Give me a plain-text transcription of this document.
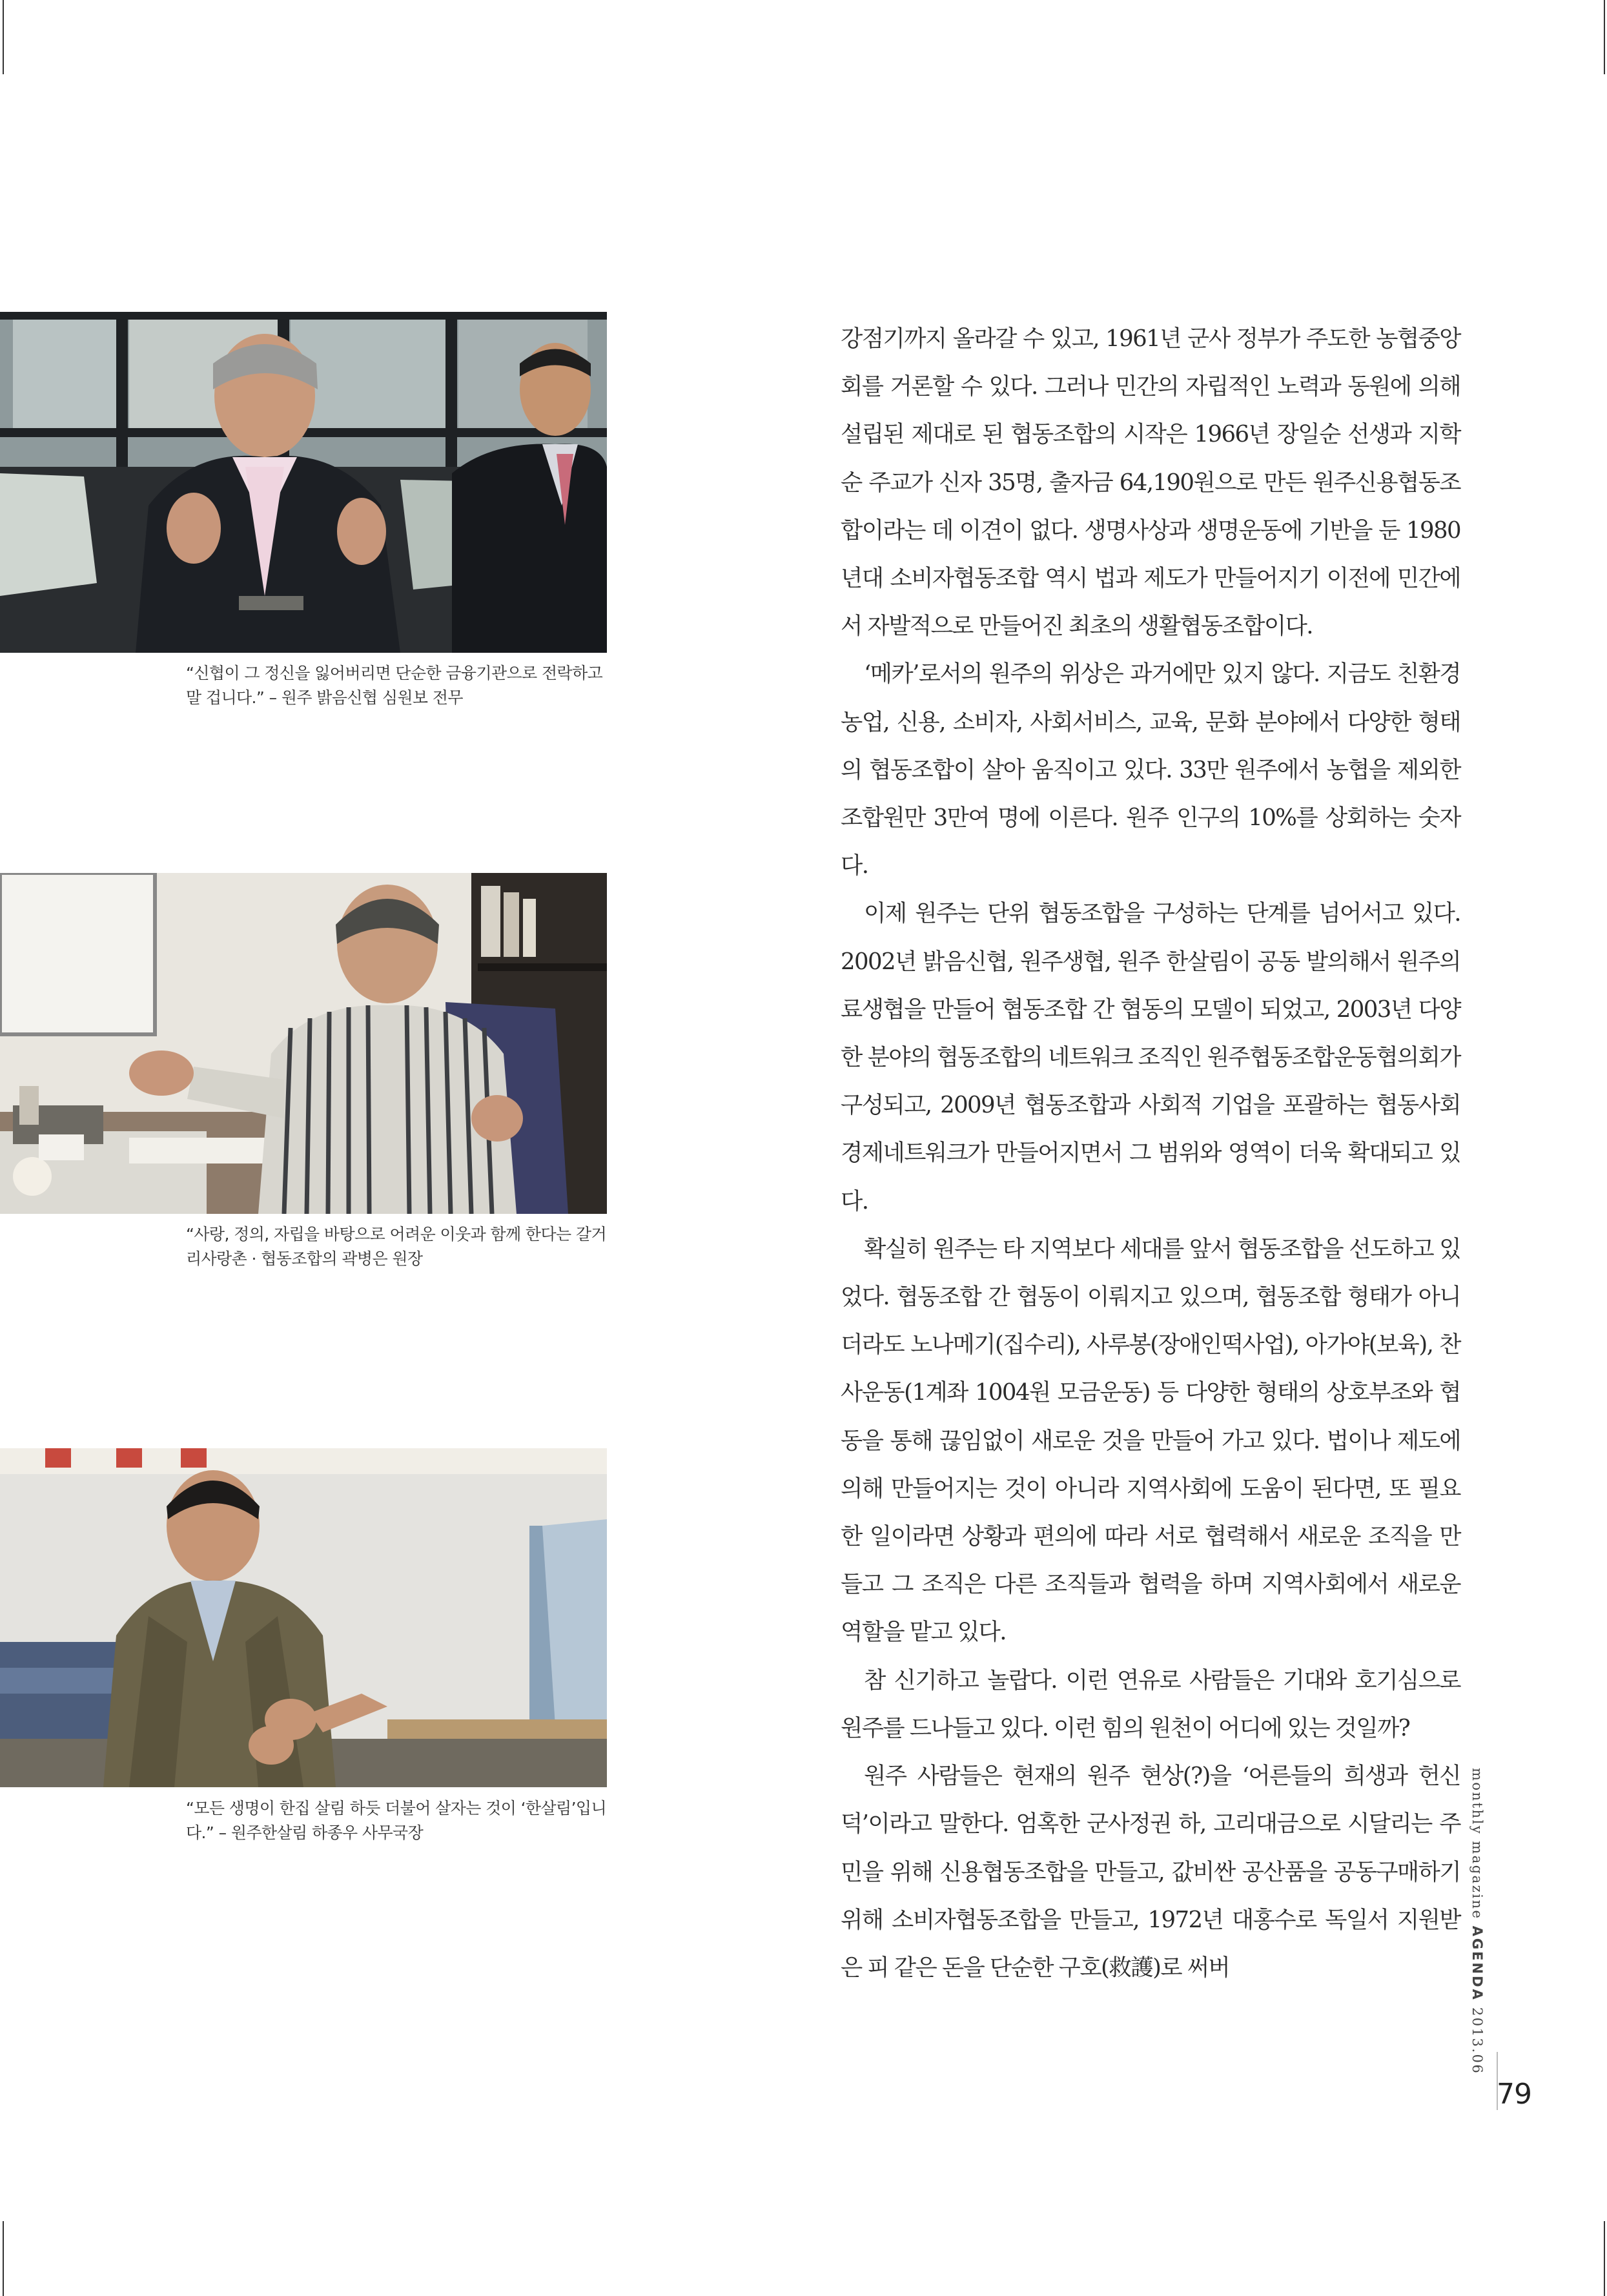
“신협이 그 정신을 잃어버리면 단순한 금융기관으로 전락하고 말 겁니다.” – 원주 밝음신협 심원보 전무
“사랑, 정의, 자립을 바탕으로 어려운 이웃과 함께 한다는 갈거리사랑촌 · 협동조합의 곽병은 원장
“모든 생명이 한집 살림 하듯 더불어 살자는 것이 ‘한살림’입니다.” – 원주한살림 하종우 사무국장

강점기까지 올라갈 수 있고, 1961년 군사 정부가 주도한 농협중앙회를 거론할 수 있다. 그러나 민간의 자립적인 노력과 동원에 의해 설립된 제대로 된 협동조합의 시작은 1966년 장일순 선생과 지학순 주교가 신자 35명, 출자금 64,190원으로 만든 원주신용협동조합이라는 데 이견이 없다. 생명사상과 생명운동에 기반을 둔 1980년대 소비자협동조합 역시 법과 제도가 만들어지기 이전에 민간에서 자발적으로 만들어진 최초의 생활협동조합이다.

‘메카’로서의 원주의 위상은 과거에만 있지 않다. 지금도 친환경 농업, 신용, 소비자, 사회서비스, 교육, 문화 분야에서 다양한 형태의 협동조합이 살아 움직이고 있다. 33만 원주에서 농협을 제외한 조합원만 3만여 명에 이른다. 원주 인구의 10%를 상회하는 숫자다.

이제 원주는 단위 협동조합을 구성하는 단계를 넘어서고 있다. 2002년 밝음신협, 원주생협, 원주 한살림이 공동 발의해서 원주의료생협을 만들어 협동조합 간 협동의 모델이 되었고, 2003년 다양한 분야의 협동조합의 네트워크 조직인 원주협동조합운동협의회가 구성되고, 2009년 협동조합과 사회적 기업을 포괄하는 협동사회경제네트워크가 만들어지면서 그 범위와 영역이 더욱 확대되고 있다.

확실히 원주는 타 지역보다 세대를 앞서 협동조합을 선도하고 있었다. 협동조합 간 협동이 이뤄지고 있으며, 협동조합 형태가 아니더라도 노나메기(집수리), 사루봉(장애인떡사업), 아가야(보육), 찬사운동(1계좌 1004원 모금운동) 등 다양한 형태의 상호부조와 협동을 통해 끊임없이 새로운 것을 만들어 가고 있다. 법이나 제도에 의해 만들어지는 것이 아니라 지역사회에 도움이 된다면, 또 필요한 일이라면 상황과 편의에 따라 서로 협력해서 새로운 조직을 만들고 그 조직은 다른 조직들과 협력을 하며 지역사회에서 새로운 역할을 맡고 있다.

참 신기하고 놀랍다. 이런 연유로 사람들은 기대와 호기심으로 원주를 드나들고 있다. 이런 힘의 원천이 어디에 있는 것일까?

원주 사람들은 현재의 원주 현상(?)을 ‘어른들의 희생과 헌신 덕’이라고 말한다. 엄혹한 군사정권 하, 고리대금으로 시달리는 주민을 위해 신용협동조합을 만들고, 값비싼 공산품을 공동구매하기 위해 소비자협동조합을 만들고, 1972년 대홍수로 독일서 지원받은 피 같은 돈을 단순한 구호(救護)로 써버

monthly magazine AGENDA 2013.06
79
